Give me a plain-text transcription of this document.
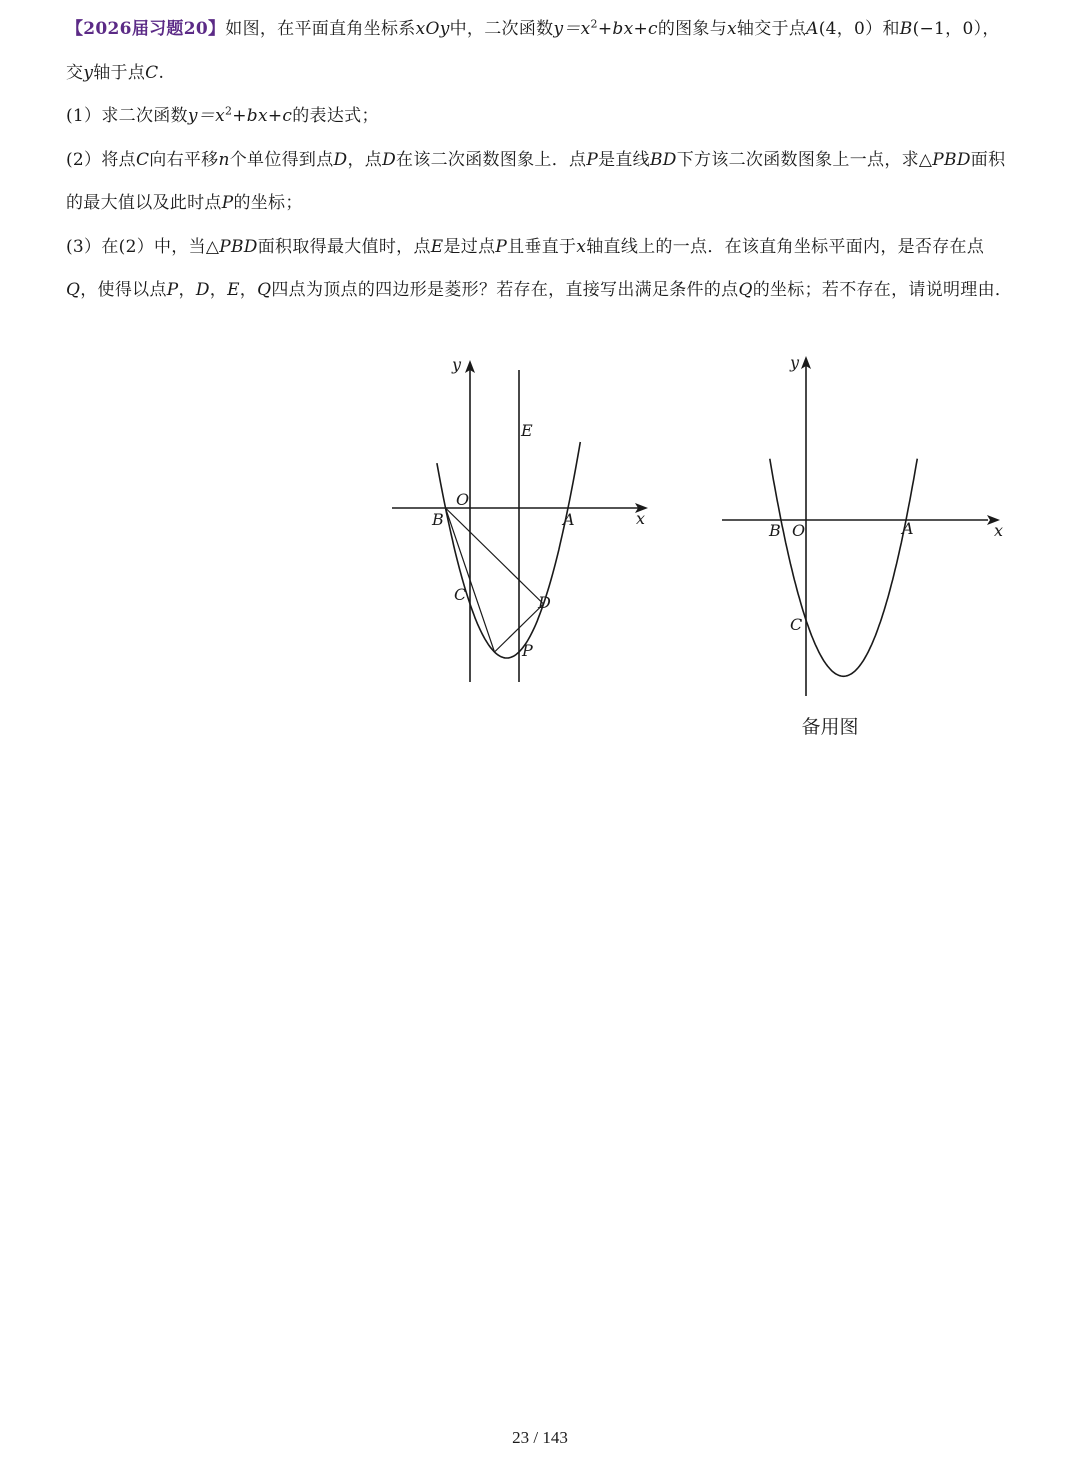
【2026届习题20】如图，在平面直角坐标系xOy中，二次函数$y=x^2+bx+c$的图象与x轴交于点A(4，0）和B(−1，0），交y轴于点C.

(1）求二次函数$y=x^2+bx+c$的表达式；

(2）将点C向右平移n个单位得到点D，点D在该二次函数图象上．点P是直线BD下方该二次函数图象上一点，求△PBD面积的最大值以及此时点P的坐标；

(3）在(2）中，当△PBD面积取得最大值时，点E是过点P且垂直于x轴直线上的一点．在该直角坐标平面内，是否存在点Q，使得以点P，D，E，Q四点为顶点的四边形是菱形？若存在，直接写出满足条件的点Q的坐标；若不存在，请说明理由．

y
x
O
B	A
C	D
E
P
y
x
O
B	A
C
备用图
23 / 143
